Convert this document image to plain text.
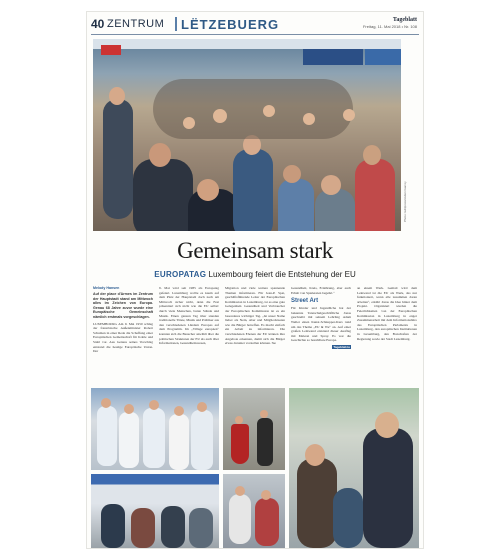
40 ZENTRUM LËTZEBUERG	Tageblatt
Freitag, 11. Mai 2018 • Nr. 108
Photo: Editpress/Julien Garroy
Gemeinsam stark
EUROPATAG Luxembourg feiert die Entstehung der EU
Melody Hansen
Auf der place d'Armes im Zentrum der Hauptstadt stand am Mittwoch alles im Zeichen von Europa. Genau 68 Jahre zuvor wurde eine Europäische Gemeinschaft nämlich erstmals vorgeschlagen.
LUXEMBOURG Am 9. Mai 1950 schlug der französische Außenminister Robert Schuman in einer Rede die Schaffung einer Europäischen Gemeinschaft für Kohle und Stahl vor. Aus Genuss seines Vorschlag entstand die heutige Europäische Union. Der
9. Mai wird seit 1985 als Europatag gefeiert. Luxemburg wollte es kaum auf dem Platz der Hauptstadt doch nach am Mittwoch sicher nicht, denn die Fest präsentiert sich nicht wie die EU selbst: durch viele Menschen, bunte Stände und Musik. Einen ganzen Tag über standen traditionelle Tänze, Musik und Politiker aus den verschiedenen Ländern Europas auf dem Programm. Im „Village européen“ konnten sich die Besucher anwählt über die politischen Strukturen der EU als auch über Informationen, Gesundheitswesen,
Migration und viele weitere spannende Themen informieren. Für Jean-P. Spat, geschäftsführende Leiter der Europäischen Kommission in Luxemburg, ist es eine gute Gelegenheit. Gesundheit und Verbraucher der Europäischen Kommission ist es ein besonderes wichtiger Tag. „Ist unser Name lieber als Nein, Aber und Mitgliedstaaten wie die Bürger betreffen. Es macht einfach ein Arbeit zu informieren. Die verschiedenen Ebenen der EU können ihre Angebote erkennen, damit sich die Bürger etwas darunter vorstellen können. Sie
Gesundheit, Kreis, Ernährung, aber auch Erhalt von Spielereien begehrt.“
Street Art
Für Kinder und Jugendliche hat der bekannte Tanzschulgeschäftliche Jonas geschreibt mit seinem Lehrling Adam Weiler einen Kunst-Schnupper-Kurs rund um das Thema „EU & We“ an. Auf einer großen Leinwand entstand dieser Ausflug mit Malerei und Spray. Es war die Geschichte so bezahlbare Europa.
Tageblatt.lu
an einem Werk. Gemalt wird dem Leinwand ist die EU als Werk, das nur funktioniert, wenn alle zusammen daran arbeiten“, erklärt Jonas die Idee hinter dem Projekt. Organisiert wurden die Feierlichkeiten von der Europäischen Kommission in Luxemburg in enger Zusammenarbeit mit dem Informationsbüro des Europäischen Parlaments in Luxemburg, den europäischen Institutionen in Luxemburg, den Botschaften der Regierung sowie der Stadt Luxemburg.
